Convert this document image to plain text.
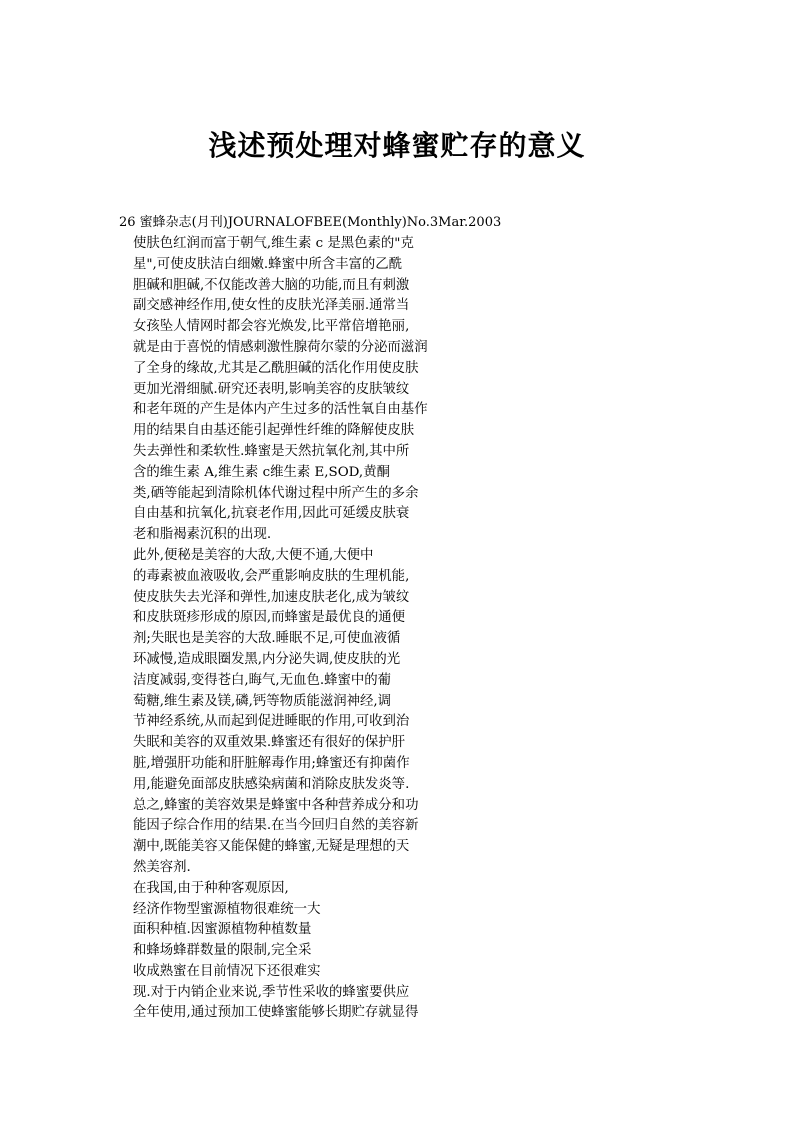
浅述预处理对蜂蜜贮存的意义
26 蜜蜂杂志(月刊)JOURNALOFBEE(Monthly)No.3Mar.2003
使肤色红润而富于朝气,维生素 c 是黑色素的"克
星",可使皮肤洁白细嫩.蜂蜜中所含丰富的乙酰
胆碱和胆碱,不仅能改善大脑的功能,而且有刺激
副交感神经作用,使女性的皮肤光泽美丽.通常当
女孩坠人情网时都会容光焕发,比平常倍增艳丽,
就是由于喜悦的情感刺激性腺荷尔蒙的分泌而滋润
了全身的缘故,尤其是乙酰胆碱的活化作用使皮肤
更加光滑细腻.研究还表明,影响美容的皮肤皱纹
和老年斑的产生是体内产生过多的活性氧自由基作
用的结果自由基还能引起弹性纤维的降解使皮肤
失去弹性和柔软性.蜂蜜是天然抗氧化剂,其中所
含的维生素 A,维生素 c维生素 E,SOD,黄酮
类,硒等能起到清除机体代谢过程中所产生的多余
自由基和抗氧化,抗衰老作用,因此可延缓皮肤衰
老和脂褐素沉积的出现.
此外,便秘是美容的大敌,大便不通,大便中
的毒素被血液吸收,会严重影响皮肤的生理机能,
使皮肤失去光泽和弹性,加速皮肤老化,成为皱纹
和皮肤斑疹形成的原因,而蜂蜜是最优良的通便
剂;失眠也是美容的大敌.睡眠不足,可使血液循
环减慢,造成眼圈发黑,内分泌失调,使皮肤的光
洁度减弱,变得苍白,晦气,无血色.蜂蜜中的葡
萄糖,维生素及镁,磷,钙等物质能滋润神经,调
节神经系统,从而起到促进睡眠的作用,可收到治
失眠和美容的双重效果.蜂蜜还有很好的保护肝
脏,增强肝功能和肝脏解毒作用;蜂蜜还有抑菌作
用,能避免面部皮肤感染病菌和消除皮肤发炎等.
总之,蜂蜜的美容效果是蜂蜜中各种营养成分和功
能因子综合作用的结果.在当今回归自然的美容新
潮中,既能美容又能保健的蜂蜜,无疑是理想的天
然美容剂.
在我国,由于种种客观原因,
经济作物型蜜源植物很难统一大
面积种植.因蜜源植物种植数量
和蜂场蜂群数量的限制,完全采
收成熟蜜在目前情况下还很难实
现.对于内销企业来说,季节性采收的蜂蜜要供应
全年使用,通过预加工使蜂蜜能够长期贮存就显得
